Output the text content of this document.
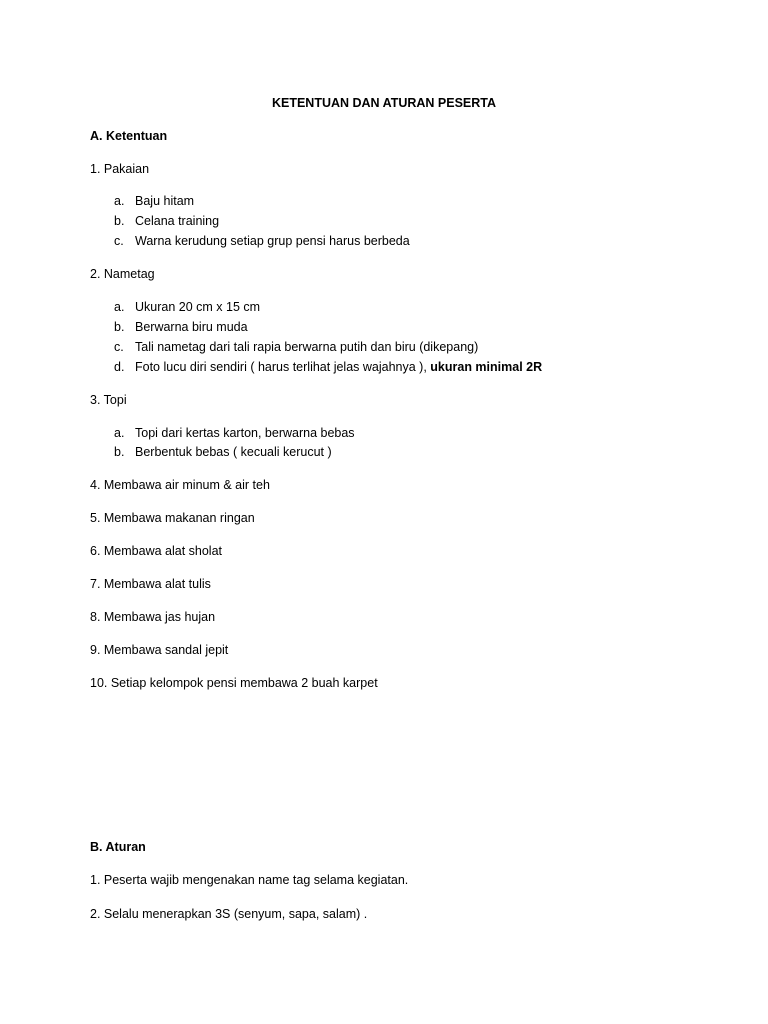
KETENTUAN DAN ATURAN PESERTA
A. Ketentuan
1. Pakaian
a. Baju hitam
b. Celana training
c. Warna kerudung setiap grup pensi harus berbeda
2. Nametag
a. Ukuran 20 cm x 15 cm
b. Berwarna biru muda
c. Tali nametag dari tali rapia berwarna putih dan biru (dikepang)
d. Foto lucu diri sendiri ( harus terlihat jelas wajahnya ), ukuran minimal 2R
3. Topi
a. Topi dari kertas karton, berwarna bebas
b. Berbentuk bebas ( kecuali kerucut )
4. Membawa air minum & air teh
5. Membawa makanan ringan
6. Membawa alat sholat
7. Membawa alat tulis
8. Membawa jas hujan
9. Membawa sandal jepit
10. Setiap kelompok pensi membawa 2 buah karpet
B. Aturan
1. Peserta wajib mengenakan name tag selama kegiatan.
2. Selalu menerapkan 3S (senyum, sapa, salam) .
